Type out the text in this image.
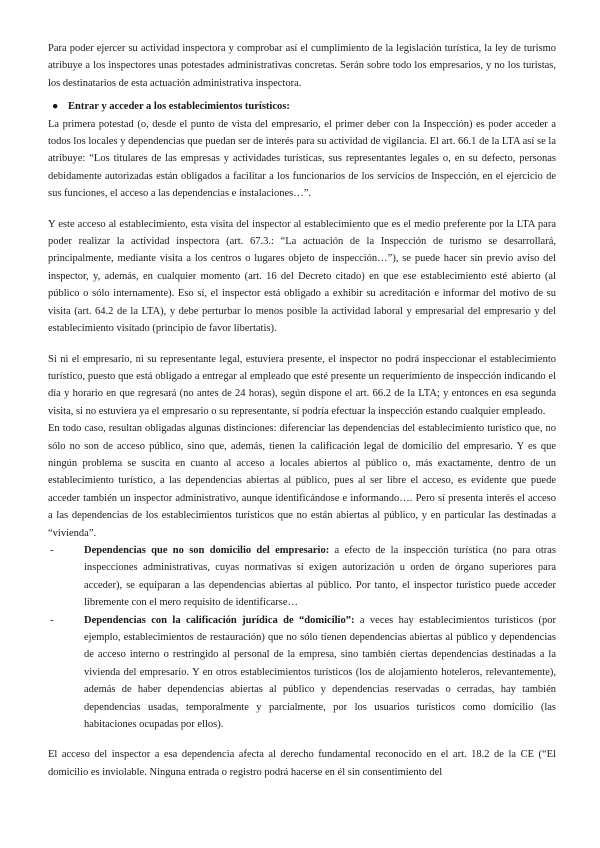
Para poder ejercer su actividad inspectora y comprobar así el cumplimiento de la legislación turística, la ley de turismo atribuye a los inspectores unas potestades administrativas concretas. Serán sobre todo los empresarios, y no los turistas, los destinatarios de esta actuación administrativa inspectora.

● Entrar y acceder a los establecimientos turísticos:

La primera potestad (o, desde el punto de vista del empresario, el primer deber con la Inspección) es poder acceder a todos los locales y dependencias que puedan ser de interés para su actividad de vigilancia. El art. 66.1 de la LTA así se la atribuye: “Los titulares de las empresas y actividades turísticas, sus representantes legales o, en su defecto, personas debidamente autorizadas están obligados a facilitar a los funcionarios de los servicios de Inspección, en el ejercicio de sus funciones, el acceso a las dependencias e instalaciones…”.

Y este acceso al establecimiento, esta visita del inspector al establecimiento que es el medio preferente por la LTA para poder realizar la actividad inspectora (art. 67.3.: “La actuación de la Inspección de turismo se desarrollará, principalmente, mediante visita a los centros o lugares objeto de inspección…”), se puede hacer sin previo aviso del inspector, y, además, en cualquier momento (art. 16 del Decreto citado) en que ese establecimiento esté abierto (al público o sólo internamente). Eso sí, el inspector está obligado a exhibir su acreditación e informar del motivo de su visita (art. 64.2 de la LTA), y debe perturbar lo menos posible la actividad laboral y empresarial del empresario y del establecimiento visitado (principio de favor libertatis).

Si ni el empresario, ni su representante legal, estuviera presente, el inspector no podrá inspeccionar el establecimiento turístico, puesto que está obligado a entregar al empleado que esté presente un requerimiento de inspección indicando el día y horario en que regresará (no antes de 24 horas), según dispone el art. 66.2 de la LTA; y entonces en esa segunda visita, si no estuviera ya el empresario o su representante, sí podría efectuar la inspección estando cualquier empleado.

En todo caso, resultan obligadas algunas distinciones: diferenciar las dependencias del establecimiento turístico que, no sólo no son de acceso público, sino que, además, tienen la calificación legal de domicilio del empresario. Y es que ningún problema se suscita en cuanto al acceso a locales abiertos al público o, más exactamente, dentro de un establecimiento turístico, a las dependencias abiertas al público, pues al ser libre el acceso, es evidente que puede acceder también un inspector administrativo, aunque identificándose e informando…. Pero sí presenta interés el acceso a las dependencias de los establecimientos turísticos que no están abiertas al público, y en particular las destinadas a “vivienda”.

-	Dependencias que no son domicilio del empresario: a efecto de la inspección turística (no para otras inspecciones administrativas, cuyas normativas sí exigen autorización u orden de órgano superiores para acceder), se equiparan a las dependencias abiertas al público. Por tanto, el inspector turístico puede acceder libremente con el mero requisito de identificarse…
-	Dependencias con la calificación jurídica de “domicilio”: a veces hay establecimientos turísticos (por ejemplo, establecimientos de restauración) que no sólo tienen dependencias abiertas al público y dependencias de acceso interno o restringido al personal de la empresa, sino también ciertas dependencias destinadas a la vivienda del empresario. Y en otros establecimientos turísticos (los de alojamiento hoteleros, relevantemente), además de haber dependencias abiertas al público y dependencias reservadas o cerradas, hay también dependencias usadas, temporalmente y parcialmente, por los usuarios turísticos como domicilio (las habitaciones ocupadas por ellos).

El acceso del inspector a esa dependencia afecta al derecho fundamental reconocido en el art. 18.2 de la CE (“El domicilio es inviolable. Ninguna entrada o registro podrá hacerse en él sin consentimiento del
